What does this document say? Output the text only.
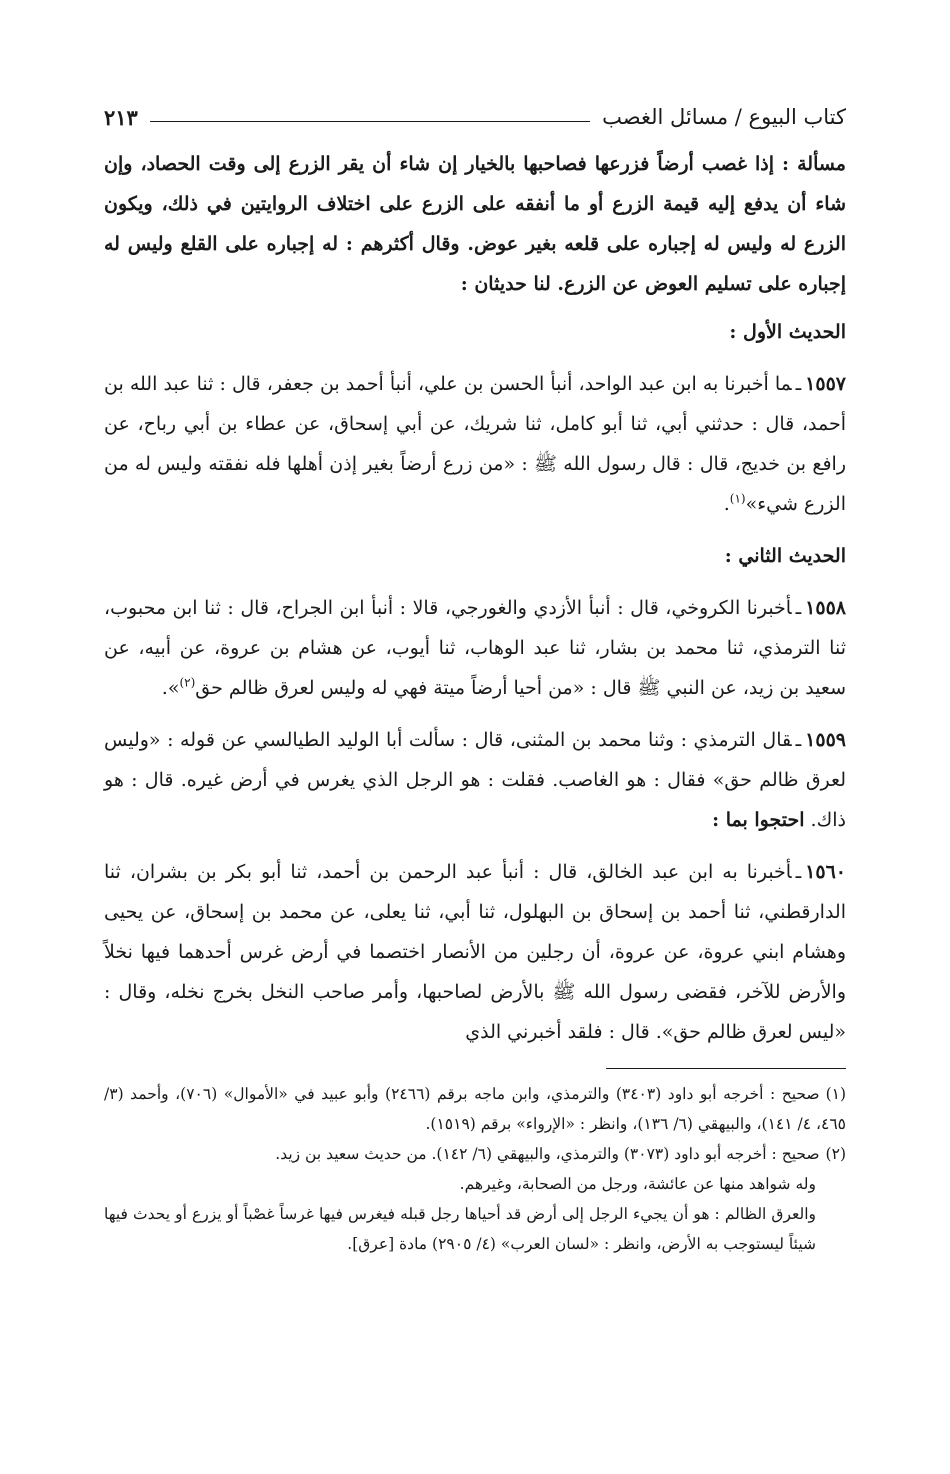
كتاب البيوع / مسائل الغصب
٢١٣

مسألة : إذا غصب أرضاً فزرعها فصاحبها بالخيار إن شاء أن يقر الزرع إلى وقت الحصاد، وإن شاء أن يدفع إليه قيمة الزرع أو ما أنفقه على الزرع على اختلاف الروايتين في ذلك، ويكون الزرع له وليس له إجباره على قلعه بغير عوض. وقال أكثرهم : له إجباره على القلع وليس له إجباره على تسليم العوض عن الزرع. لنا حديثان :

الحديث الأول :

١٥٥٧ـما أخبرنا به ابن عبد الواحد، أنبأ الحسن بن علي، أنبأ أحمد بن جعفر، قال : ثنا عبد الله بن أحمد، قال : حدثني أبي، ثنا أبو كامل، ثنا شريك، عن أبي إسحاق، عن عطاء بن أبي رباح، عن رافع بن خديج، قال : قال رسول الله ﷺ : «من زرع أرضاً بغير إذن أهلها فله نفقته وليس له من الزرع شيء»$^{(١)}$.

الحديث الثاني :

١٥٥٨ـأخبرنا الكروخي، قال : أنبأ الأزدي والغورجي، قالا : أنبأ ابن الجراح، قال : ثنا ابن محبوب، ثنا الترمذي، ثنا محمد بن بشار، ثنا عبد الوهاب، ثنا أيوب، عن هشام بن عروة، عن أبيه، عن سعيد بن زيد، عن النبي ﷺ قال : «من أحيا أرضاً ميتة فهي له وليس لعرق ظالم حق$^{(٢)}$».

١٥٥٩ـقال الترمذي : وثنا محمد بن المثنى، قال : سألت أبا الوليد الطيالسي عن قوله : «وليس لعرق ظالم حق» فقال : هو الغاصب. فقلت : هو الرجل الذي يغرس في أرض غيره. قال : هو ذاك. احتجوا بما :

١٥٦٠ـأخبرنا به ابن عبد الخالق، قال : أنبأ عبد الرحمن بن أحمد، ثنا أبو بكر بن بشران، ثنا الدارقطني، ثنا أحمد بن إسحاق بن البهلول، ثنا أبي، ثنا يعلى، عن محمد بن إسحاق، عن يحيى وهشام ابني عروة، عن عروة، أن رجلين من الأنصار اختصما في أرض غرس أحدهما فيها نخلاً والأرض للآخر، فقضى رسول الله ﷺ بالأرض لصاحبها، وأمر صاحب النخل بخرج نخله، وقال : «ليس لعرق ظالم حق». قال : فلقد أخبرني الذي

(١)صحيح : أخرجه أبو داود (٣٤٠٣) والترمذي، وابن ماجه برقم (٢٤٦٦) وأبو عبيد في «الأموال» (٧٠٦)، وأحمد (٣/ ٤٦٥، ٤/ ١٤١)، والبيهقي (٦/ ١٣٦)، وانظر : «الإرواء» برقم (١٥١٩).

(٢)صحيح : أخرجه أبو داود (٣٠٧٣) والترمذي، والبيهقي (٦/ ١٤٢). من حديث سعيد بن زيد.

وله شواهد منها عن عائشة، ورجل من الصحابة، وغيرهم.

والعرق الظالم : هو أن يجيء الرجل إلى أرض قد أحياها رجل قبله فيغرس فيها غرساً غصْباً أو يزرع أو يحدث فيها شيئاً ليستوجب به الأرض، وانظر : «لسان العرب» (٤/ ٢٩٠٥) مادة [عرق].
